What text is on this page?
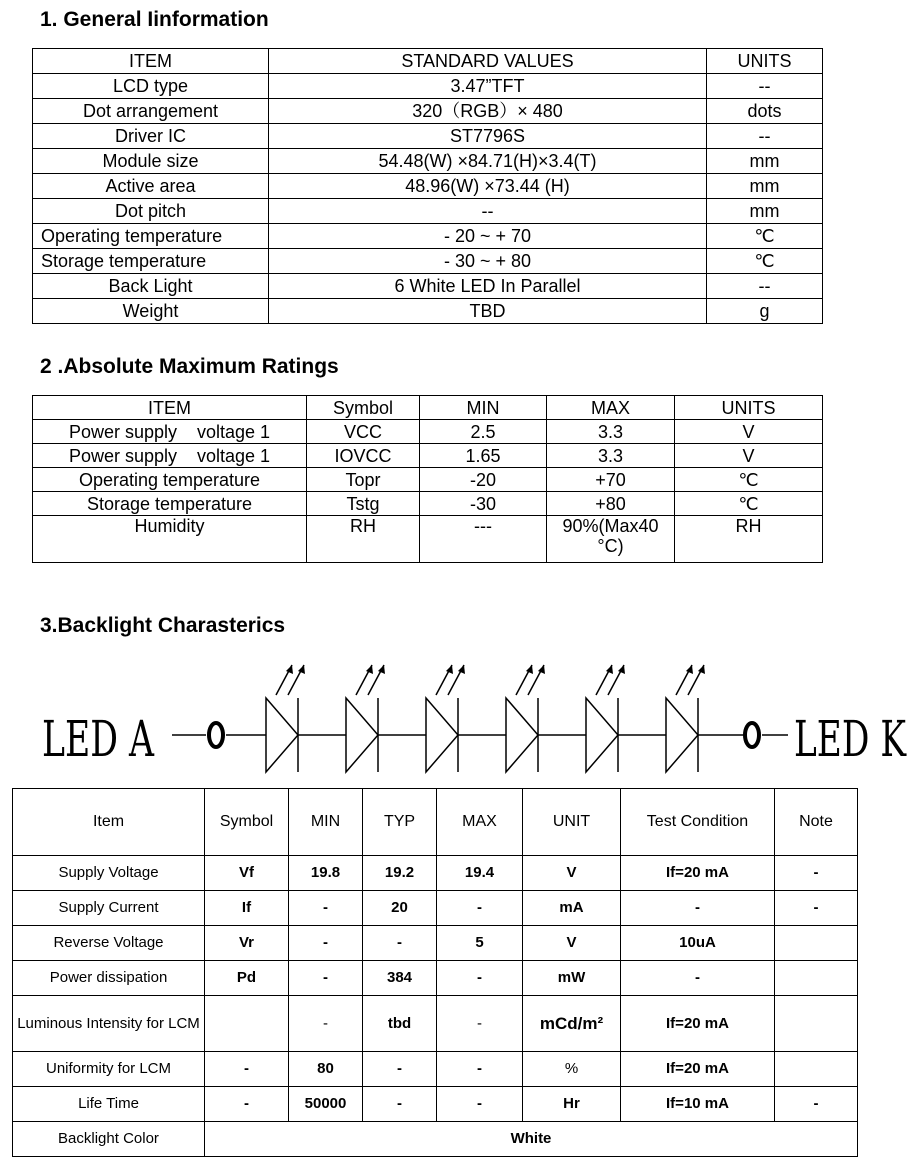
1. General Iinformation
ITEM	STANDARD VALUES	UNITS
LCD type	3.47”TFT	--
Dot arrangement	320（RGB）× 480	dots
Driver IC	ST7796S	--
Module size	54.48(W) ×84.71(H)×3.4(T)	mm
Active area	48.96(W) ×73.44 (H)	mm
Dot pitch	--	mm
Operating temperature	- 20 ~ + 70	℃
Storage temperature	- 30 ~ + 80	℃
Back Light	6 White LED In Parallel	--
Weight	TBD	g
2 .Absolute Maximum Ratings
ITEM	Symbol	MIN	MAX	UNITS
Power supply    voltage 1	VCC	2.5	3.3	V
Power supply    voltage 1	IOVCC	1.65	3.3	V
Operating temperature	Topr	-20	+70	℃
Storage temperature	Tstg	-30	+80	℃
Humidity	RH	---	90%(Max40 °C)	RH
3.Backlight Charasterics
LED A	LED K
Item	Symbol	MIN	TYP	MAX	UNIT	Test Condition	Note
Supply Voltage	Vf	19.8	19.2	19.4	V	If=20 mA	-
Supply Current	If	-	20	-	mA	-	-
Reverse Voltage	Vr	-	-	5	V	10uA	
Power dissipation	Pd	-	384	-	mW	-	
Luminous Intensity for LCM		-	tbd	-	mCd/m²	If=20 mA	
Uniformity for LCM	-	80	-	-	%	If=20 mA	
Life Time	-	50000	-	-	Hr	If=10 mA	-
Backlight Color	White						
